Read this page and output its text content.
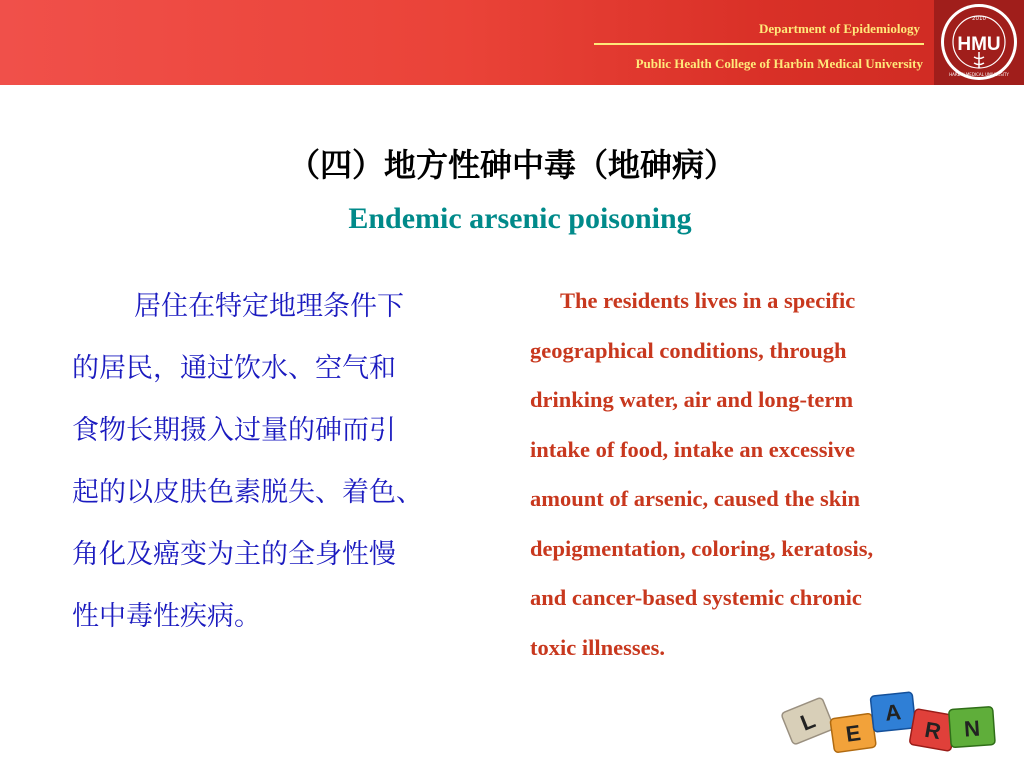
Department of Epidemiology
Public Health College of Harbin Medical University
2010
HMU
HARBIN MEDICAL UNIVERSITY
（四）地方性砷中毒（地砷病）
Endemic arsenic poisoning
居住在特定地理条件下
的居民，通过饮水、空气和
食物长期摄入过量的砷而引
起的以皮肤色素脱失、着色、
角化及癌变为主的全身性慢
性中毒性疾病。
The residents lives in a specific
geographical conditions, through
drinking water, air and long-term
intake of food, intake an excessive
amount of arsenic, caused the skin
depigmentation, coloring, keratosis,
and cancer-based systemic chronic
toxic illnesses.
L E
A
R N
